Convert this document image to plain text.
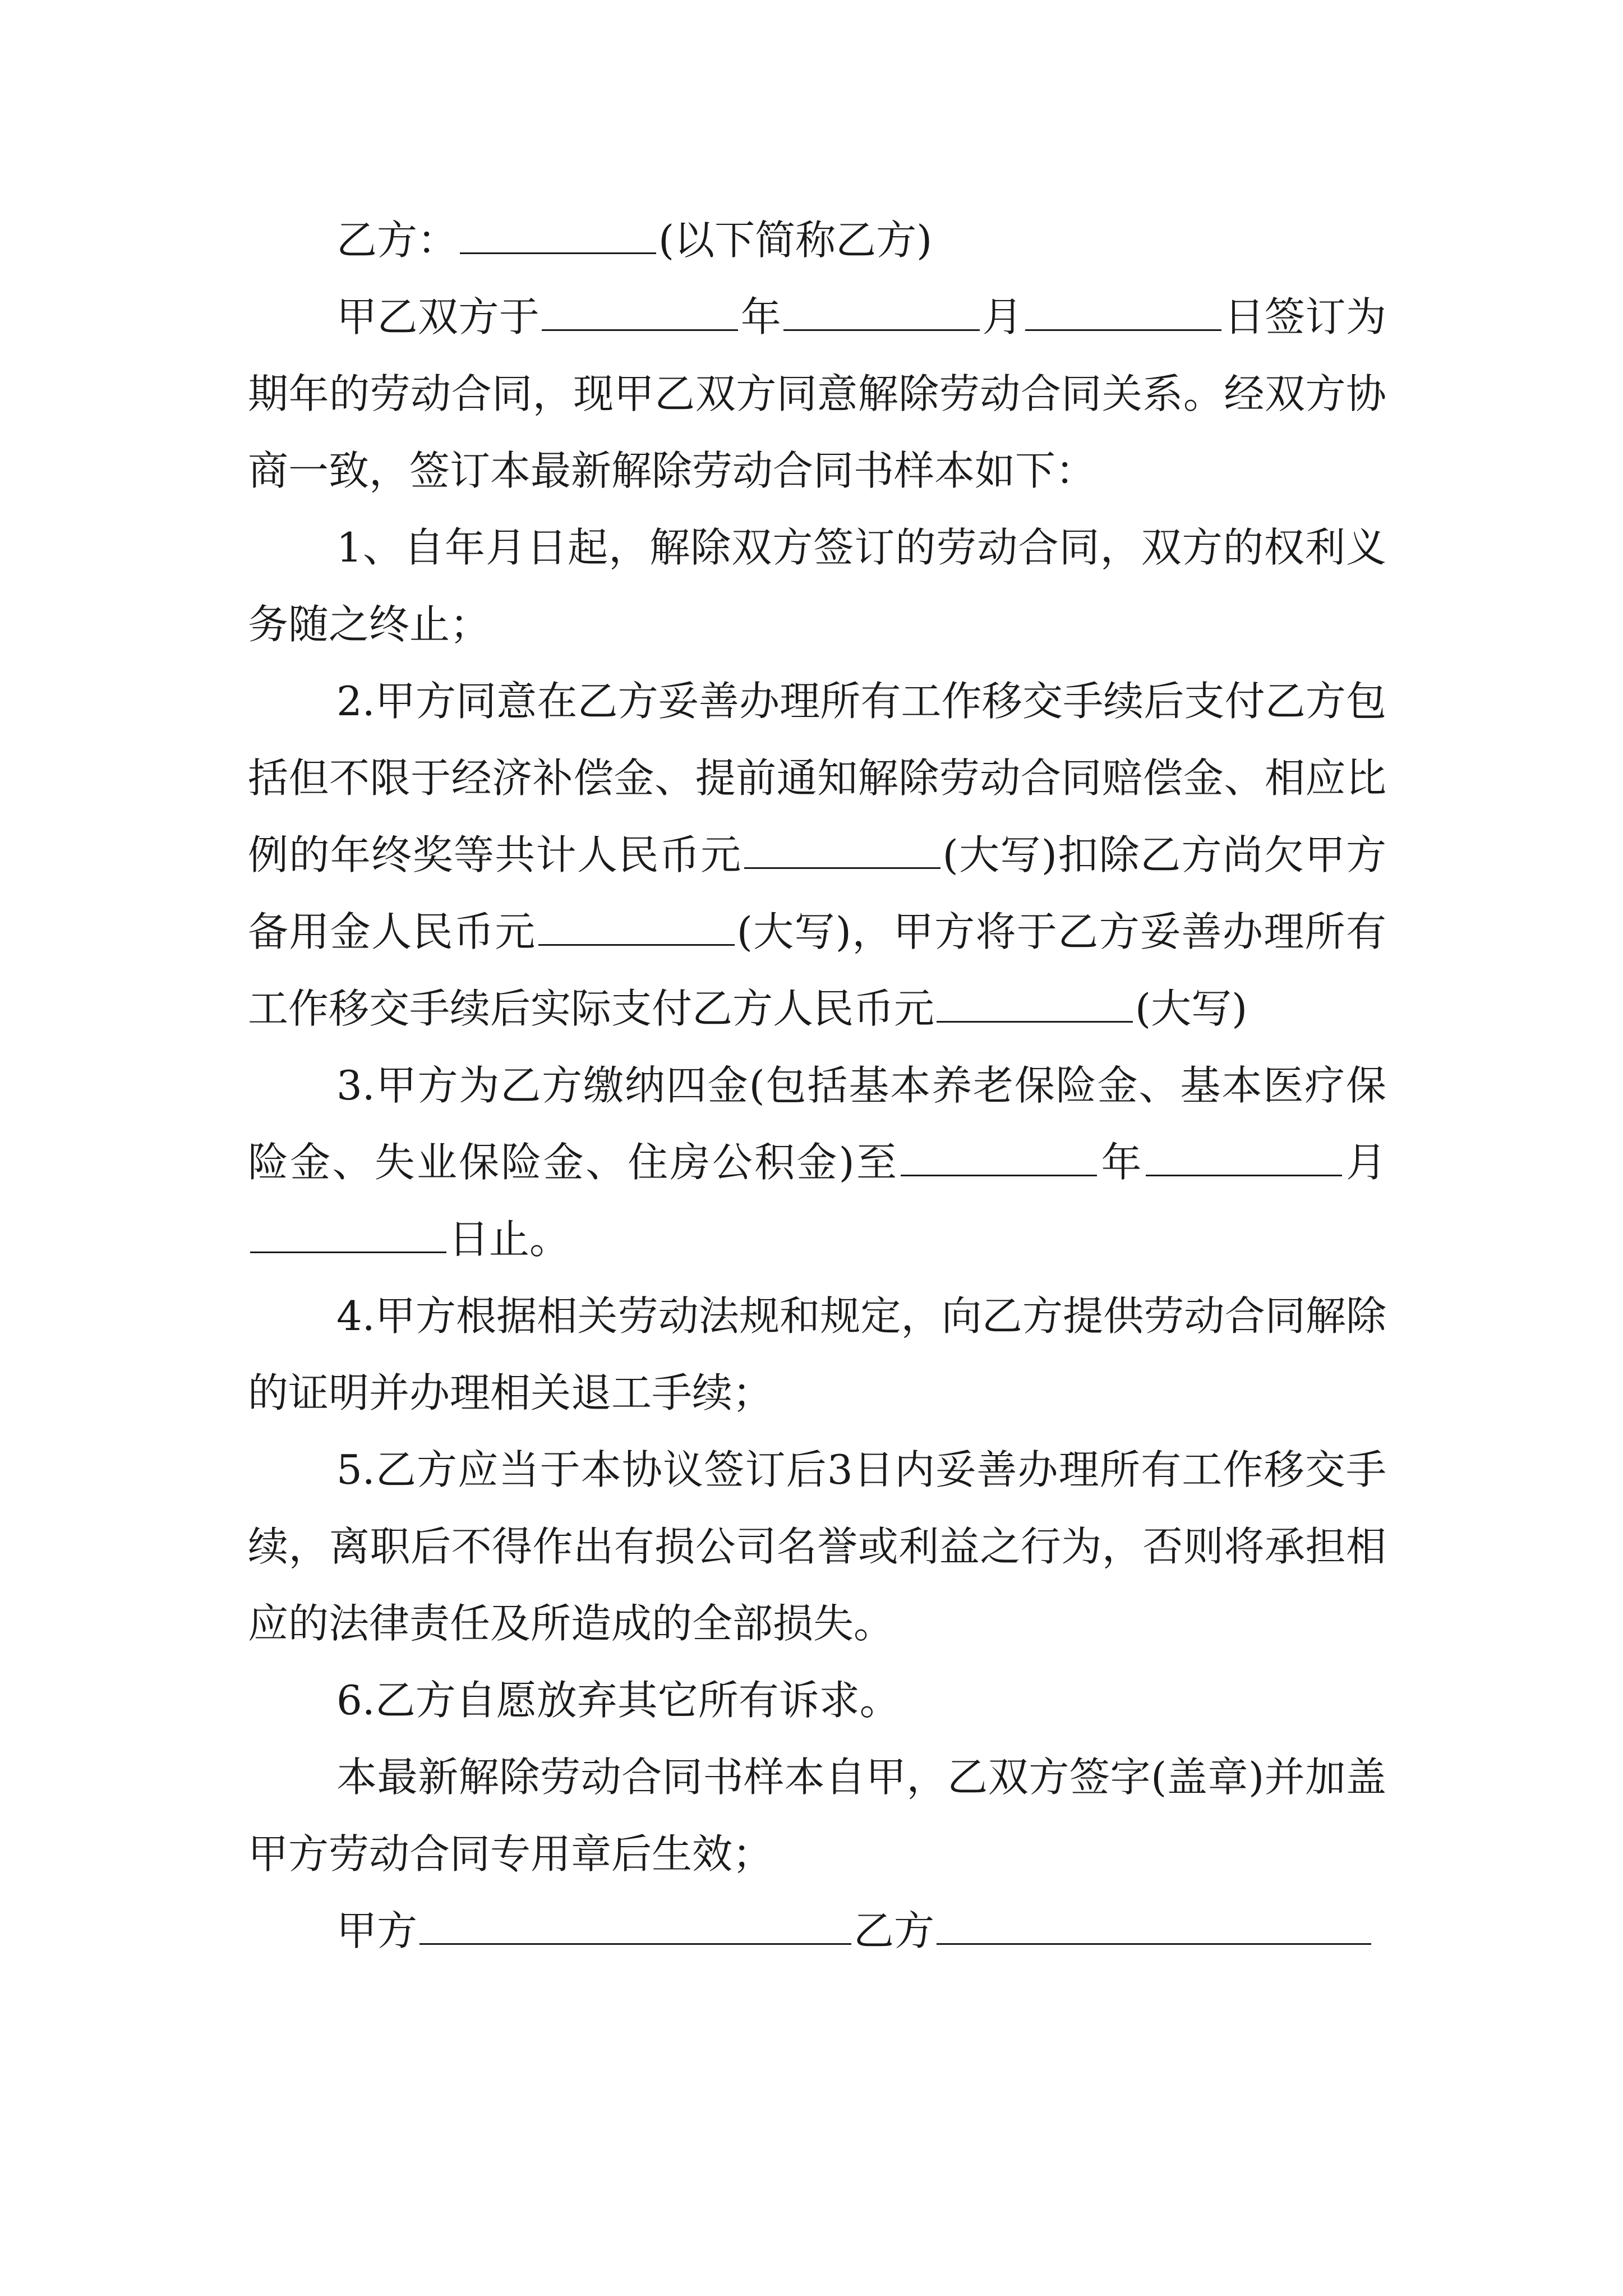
乙方：	(以下简称乙方)

甲乙双方于	年	月	日签订为期年的劳动合同，现甲乙双方同意解除劳动合同关系。经双方协商一致，签订本最新解除劳动合同书样本如下：

1、自年月日起，解除双方签订的劳动合同，双方的权利义务随之终止；

2.甲方同意在乙方妥善办理所有工作移交手续后支付乙方包括但不限于经济补偿金、提前通知解除劳动合同赔偿金、相应比例的年终奖等共计人民币元	(大写)扣除乙方尚欠甲方备用金人民币元	(大写)，甲方将于乙方妥善办理所有工作移交手续后实际支付乙方人民币元	(大写)

3.甲方为乙方缴纳四金(包括基本养老保险金、基本医疗保险金、失业保险金、住房公积金)至	年	月日止。

4.甲方根据相关劳动法规和规定，向乙方提供劳动合同解除的证明并办理相关退工手续；

5.乙方应当于本协议签订后3日内妥善办理所有工作移交手续，离职后不得作出有损公司名誉或利益之行为，否则将承担相应的法律责任及所造成的全部损失。

6.乙方自愿放弃其它所有诉求。

本最新解除劳动合同书样本自甲，乙双方签字(盖章)并加盖甲方劳动合同专用章后生效；

甲方	乙方
